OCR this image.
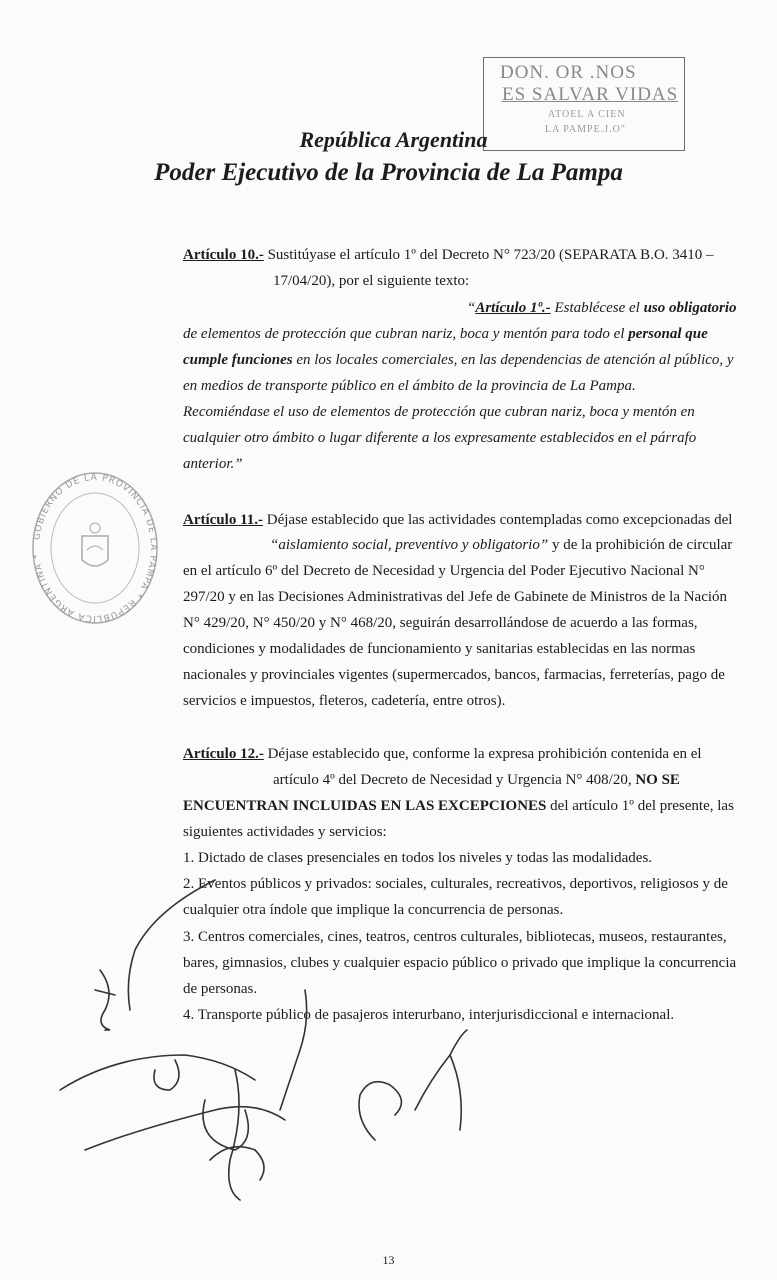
DON. OR .NOS
ES SALVAR VIDAS
ATOEL A CIEN
LA PAMPE.J.O"
República Argentina
Poder Ejecutivo de la Provincia de La Pampa
Artículo 10.- Sustitúyase el artículo 1º del Decreto N° 723/20 (SEPARATA B.O. 3410 –
17/04/20), por el siguiente texto:
“Artículo 1º.- Establécese el uso obligatorio
de elementos de protección que cubran nariz, boca y mentón para todo el personal que
cumple funciones en los locales comerciales, en las dependencias de atención al público, y
en medios de transporte público en el ámbito de la provincia de La Pampa.
Recomiéndase el uso de elementos de protección que cubran nariz, boca y mentón en
cualquier otro ámbito o lugar diferente a los expresamente establecidos en el párrafo
anterior.”
GOBIERNO DE LA PROVINCIA DE LA PAMPA * REPUBLICA ARGENTINA *
Artículo 11.- Déjase establecido que las actividades contempladas como excepcionadas del
“aislamiento social, preventivo y obligatorio” y de la prohibición de circular
en el artículo 6º del Decreto de Necesidad y Urgencia del Poder Ejecutivo Nacional N°
297/20 y en las Decisiones Administrativas del Jefe de Gabinete de Ministros de la Nación
N° 429/20, N° 450/20 y N° 468/20, seguirán desarrollándose de acuerdo a las formas,
condiciones y modalidades de funcionamiento y sanitarias establecidas en las normas
nacionales y provinciales vigentes (supermercados, bancos, farmacias, ferreterías, pago de
servicios e impuestos, fleteros, cadetería, entre otros).
Artículo 12.- Déjase establecido que, conforme la expresa prohibición contenida en el
artículo 4º del Decreto de Necesidad y Urgencia N° 408/20, NO SE
ENCUENTRAN INCLUIDAS EN LAS EXCEPCIONES del artículo 1º del presente, las
siguientes actividades y servicios:
1. Dictado de clases presenciales en todos los niveles y todas las modalidades.
2. Eventos públicos y privados: sociales, culturales, recreativos, deportivos, religiosos y de
cualquier otra índole que implique la concurrencia de personas.
3. Centros comerciales, cines, teatros, centros culturales, bibliotecas, museos, restaurantes,
bares, gimnasios, clubes y cualquier espacio público o privado que implique la concurrencia
de personas.
4. Transporte público de pasajeros interurbano, interjurisdiccional e internacional.
13
